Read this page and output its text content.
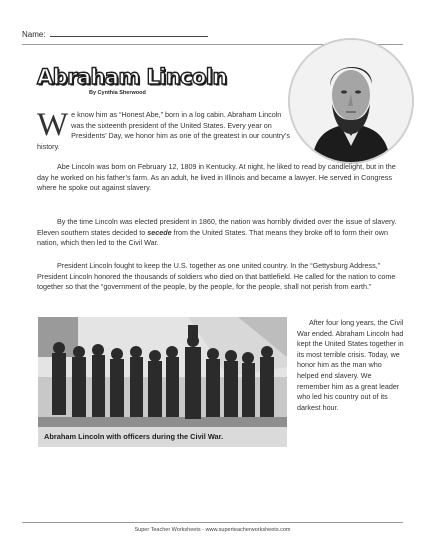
Name:
Abraham Lincoln
By Cynthia Sherwood
W e know him as “Honest Abe,” born in a log cabin. Abraham Lincoln was the sixteenth president of the United States. Every year on Presidents’ Day, we honor him as one of the greatest in our country’s history.

Abe Lincoln was born on February 12, 1809 in Kentucky. At night, he liked to read by candlelight, but in the day he worked on his father’s farm. As an adult, he lived in Illinois and became a lawyer. He served in Congress where he spoke out against slavery.

By the time Lincoln was elected president in 1860, the nation was horribly divided over the issue of slavery. Eleven southern states decided to secede from the United States. That means they broke off to form their own nation, which then led to the Civil War.

President Lincoln fought to keep the U.S. together as one united country. In the “Gettysburg Address,” President Lincoln honored the thousands of soldiers who died on that battlefield. He called for the nation to come together so that the “government of the people, by the people, for the people, shall not perish from earth.”

Abraham Lincoln with officers during the Civil War.

After four long years, the Civil War ended. Abraham Lincoln had kept the United States together in its most terrible crisis. Today, we honor him as the man who helped end slavery. We remember him as a great leader who led his country out of its darkest hour.

Super Teacher Worksheets - www.superteacherworksheets.com
